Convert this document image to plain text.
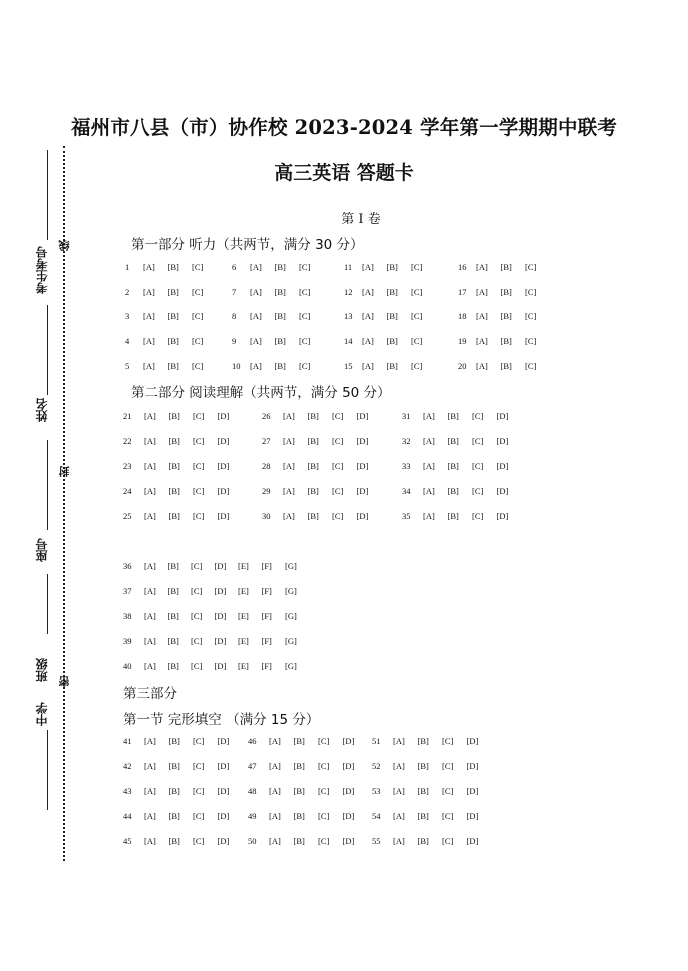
福州市八县（市）协作校 2023-2024 学年第一学期期中联考
高三英语 答题卡
第 I 卷
考生考号
线
姓名
封
座号
班级 密
中学
第一部分 听力（共两节，满分 30 分）
1 [A] [B] [C]	6 [A] [B] [C]	11 [A] [B] [C]	16 [A] [B] [C]
2 [A] [B] [C]	7 [A] [B] [C]	12 [A] [B] [C]	17 [A] [B] [C]
3 [A] [B] [C]	8 [A] [B] [C]	13 [A] [B] [C]	18 [A] [B] [C]
4 [A] [B] [C]	9 [A] [B] [C]	14 [A] [B] [C]	19 [A] [B] [C]
5 [A] [B] [C]	10 [A] [B] [C]	15 [A] [B] [C]	20 [A] [B] [C]
第二部分 阅读理解（共两节，满分 50 分）
21 [A] [B] [C] [D]	26 [A] [B] [C] [D]	31 [A] [B] [C] [D]
22 [A] [B] [C] [D]	27 [A] [B] [C] [D]	32 [A] [B] [C] [D]
23 [A] [B] [C] [D]	28 [A] [B] [C] [D]	33 [A] [B] [C] [D]
24 [A] [B] [C] [D]	29 [A] [B] [C] [D]	34 [A] [B] [C] [D]
25 [A] [B] [C] [D]	30 [A] [B] [C] [D]	35 [A] [B] [C] [D]
36 [A] [B] [C] [D] [E] [F] [G]
37 [A] [B] [C] [D] [E] [F] [G]
38 [A] [B] [C] [D] [E] [F] [G]
39 [A] [B] [C] [D] [E] [F] [G]
40 [A] [B] [C] [D] [E] [F] [G]
第三部分
第一节 完形填空 （满分 15 分）
41 [A] [B] [C] [D]	46 [A] [B] [C] [D]	51 [A] [B] [C] [D]
42 [A] [B] [C] [D]	47 [A] [B] [C] [D]	52 [A] [B] [C] [D]
43 [A] [B] [C] [D]	48 [A] [B] [C] [D]	53 [A] [B] [C] [D]
44 [A] [B] [C] [D]	49 [A] [B] [C] [D]	54 [A] [B] [C] [D]
45 [A] [B] [C] [D]	50 [A] [B] [C] [D]	55 [A] [B] [C] [D]
